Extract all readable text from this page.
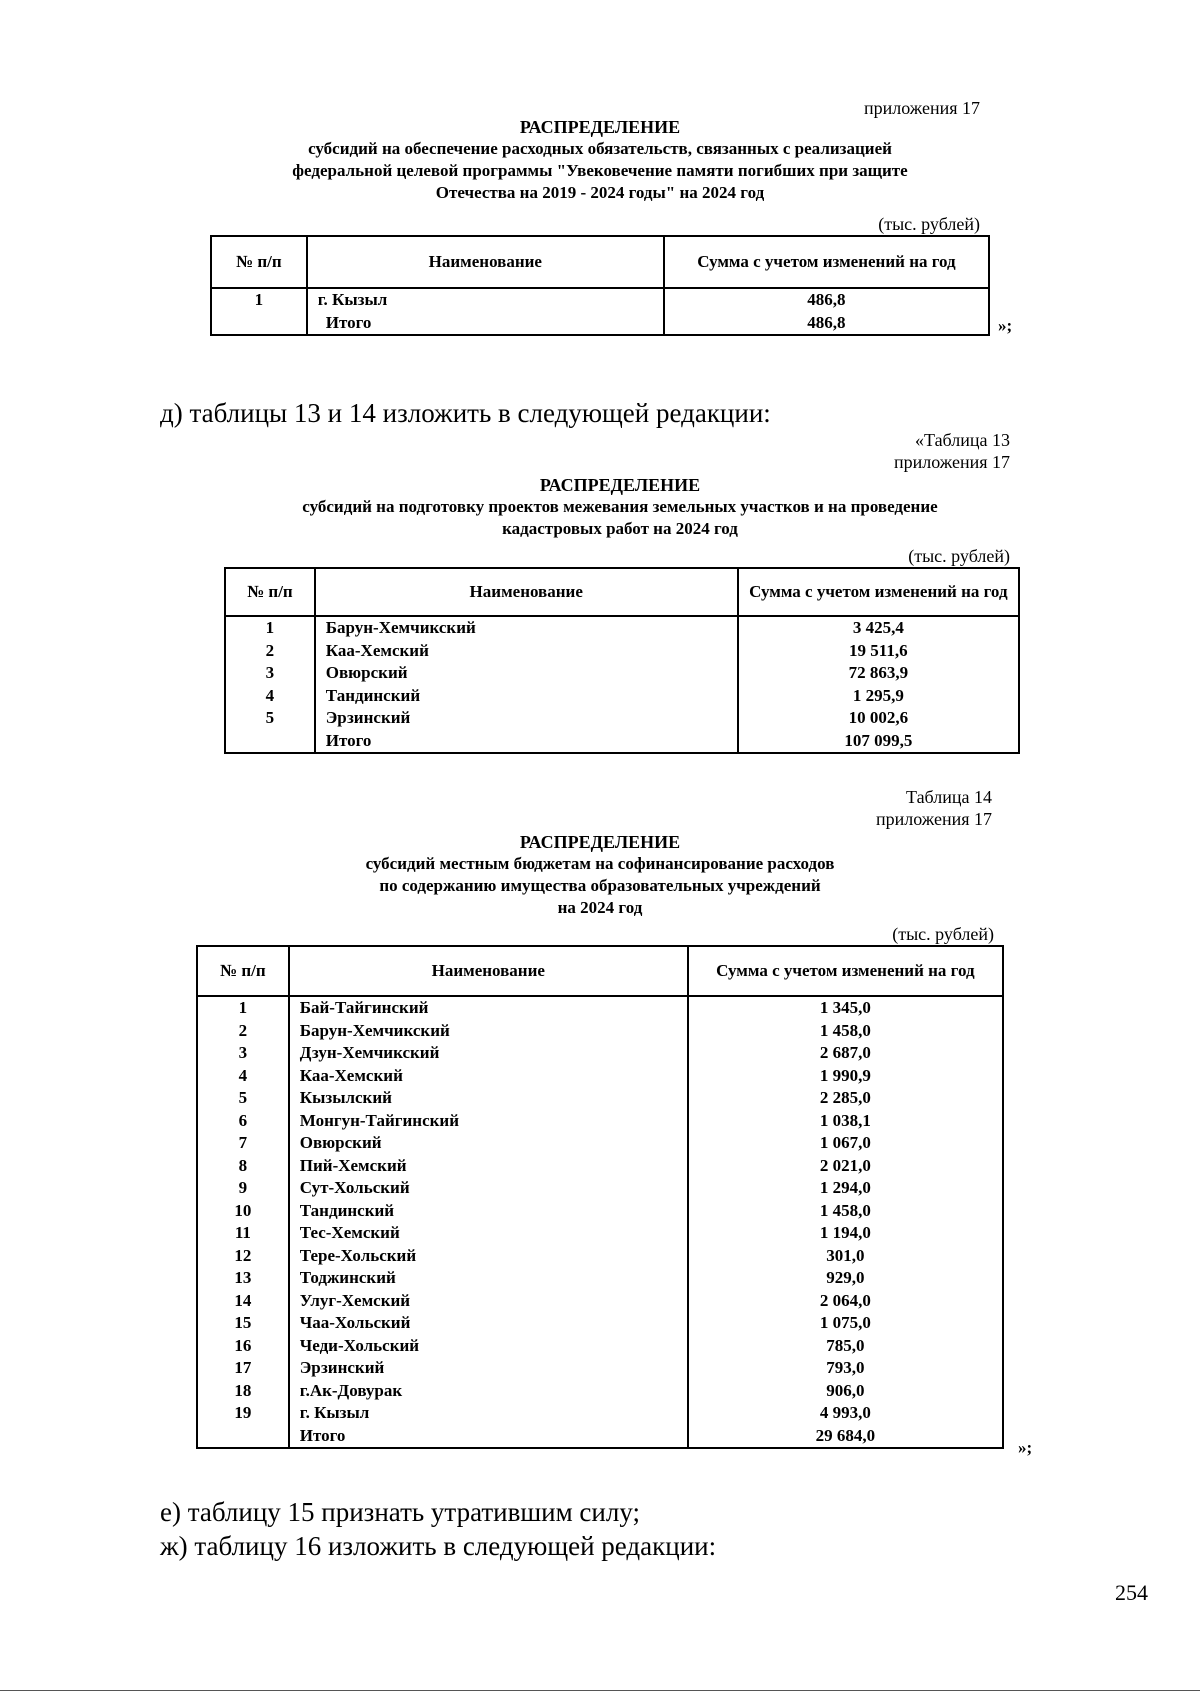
приложения 17
РАСПРЕДЕЛЕНИЕ
субсидий на обеспечение расходных обязательств, связанных с реализацией
федеральной целевой программы "Увековечение памяти погибших при защите
Отечества на 2019 - 2024 годы" на 2024 год
(тыс. рублей)
№ п/п	Наименование	Сумма с учетом изменений на год
1	г. Кызыл	486,8
	Итого	486,8	»;
д) таблицы 13 и 14 изложить в следующей редакции:
«Таблица 13
приложения 17
РАСПРЕДЕЛЕНИЕ
субсидий на подготовку проектов межевания земельных участков и на проведение
кадастровых работ на 2024 год
(тыс. рублей)
№ п/п	Наименование	Сумма с учетом изменений на год
1	Барун-Хемчикский	3 425,4
2	Каа-Хемский	19 511,6
3	Овюрский	72 863,9
4	Тандинский	1 295,9
5	Эрзинский	10 002,6
	Итого	107 099,5
Таблица 14
приложения 17
РАСПРЕДЕЛЕНИЕ
субсидий местным бюджетам на софинансирование расходов
по содержанию имущества образовательных учреждений
на 2024 год
(тыс. рублей)
№ п/п	Наименование	Сумма с учетом изменений на год
1	Бай-Тайгинский	1 345,0
2	Барун-Хемчикский	1 458,0
3	Дзун-Хемчикский	2 687,0
4	Каа-Хемский	1 990,9
5	Кызылский	2 285,0
6	Монгун-Тайгинский	1 038,1
7	Овюрский	1 067,0
8	Пий-Хемский	2 021,0
9	Сут-Хольский	1 294,0
10	Тандинский	1 458,0
11	Тес-Хемский	1 194,0
12	Тере-Хольский	301,0
13	Тоджинский	929,0
14	Улуг-Хемский	2 064,0
15	Чаа-Хольский	1 075,0
16	Чеди-Хольский	785,0
17	Эрзинский	793,0
18	г.Ак-Довурак	906,0
19	г. Кызыл	4 993,0
	Итого	29 684,0
»;
е) таблицу 15 признать утратившим силу;
ж) таблицу 16 изложить в следующей редакции:
254
